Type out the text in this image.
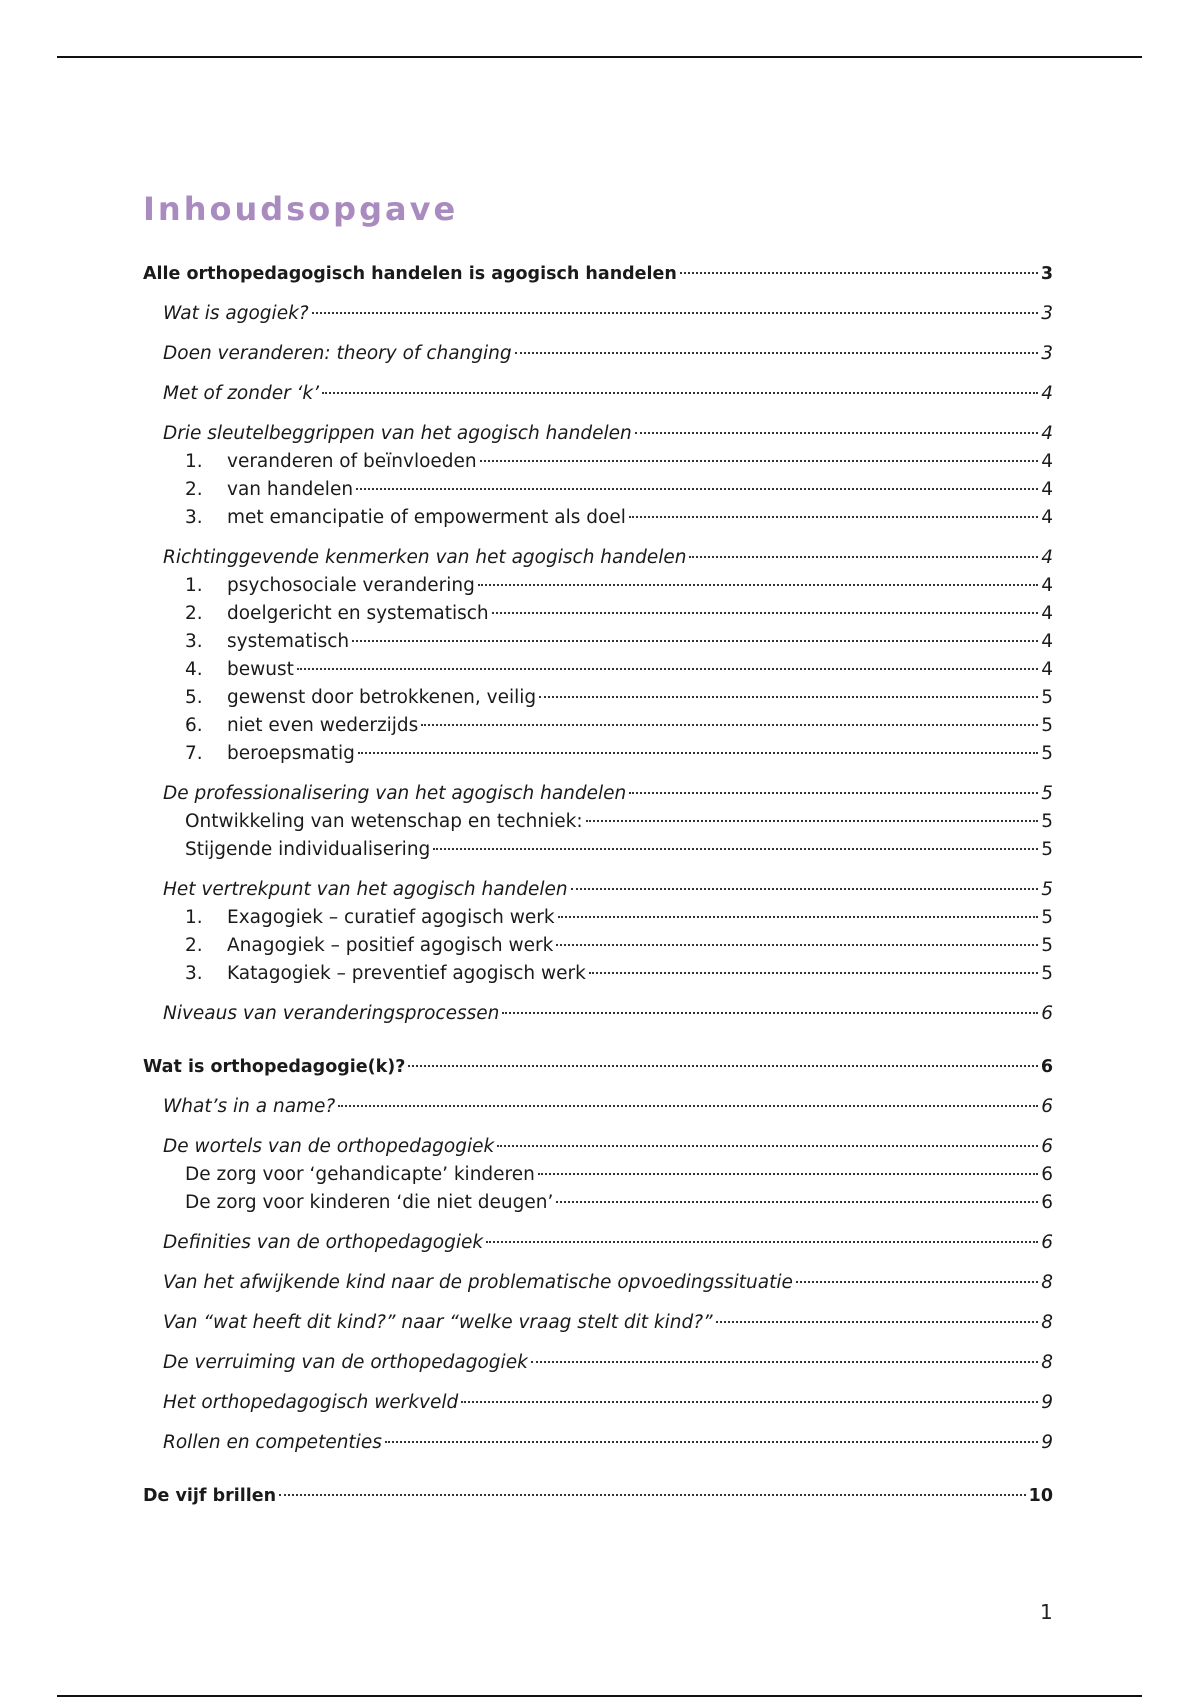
Inhoudsopgave
Alle orthopedagogisch handelen is agogisch handelen	3
Wat is agogiek?	3
Doen veranderen: theory of changing	3
Met of zonder ‘k’	4
Drie sleutelbeggrippen van het agogisch handelen	4
1.	veranderen of beïnvloeden	4
2.	van handelen	4
3.	met emancipatie of empowerment als doel	4
Richtinggevende kenmerken van het agogisch handelen	4
1.	psychosociale verandering	4
2.	doelgericht en systematisch	4
3.	systematisch	4
4.	bewust	4
5.	gewenst door betrokkenen, veilig	5
6.	niet even wederzijds	5
7.	beroepsmatig	5
De professionalisering van het agogisch handelen	5
Ontwikkeling van wetenschap en techniek:	5
Stijgende individualisering	5
Het vertrekpunt van het agogisch handelen	5
1.	Exagogiek – curatief agogisch werk	5
2.	Anagogiek – positief agogisch werk	5
3.	Katagogiek – preventief agogisch werk	5
Niveaus van veranderingsprocessen	6
Wat is orthopedagogie(k)?	6
What’s in a name?	6
De wortels van de orthopedagogiek	6
De zorg voor ‘gehandicapte’ kinderen	6
De zorg voor kinderen ‘die niet deugen’	6
Definities van de orthopedagogiek	6
Van het afwijkende kind naar de problematische opvoedingssituatie	8
Van “wat heeft dit kind?” naar “welke vraag stelt dit kind?”	8
De verruiming van de orthopedagogiek	8
Het orthopedagogisch werkveld	9
Rollen en competenties	9
De vijf brillen	10
1
